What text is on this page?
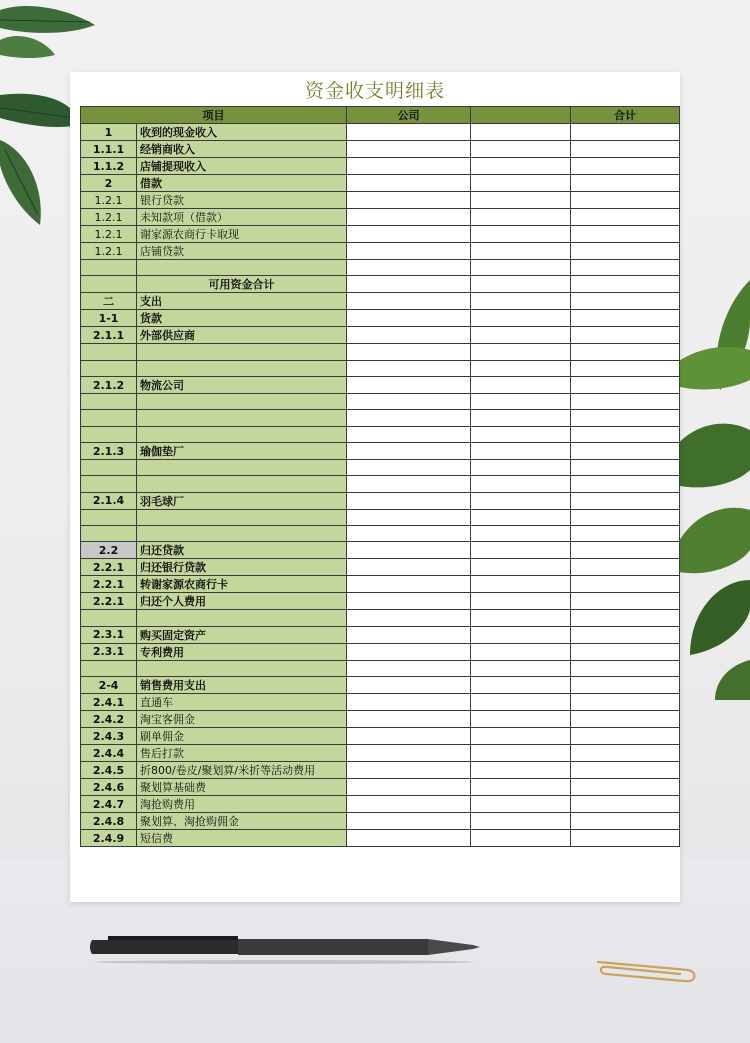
资金收支明细表
项目		公司		合计
1	收到的现金收入			
1.1.1	经销商收入			
1.1.2	店铺提现收入			
2	借款			
1.2.1	银行贷款			
1.2.1	未知款项（借款）			
1.2.1	谢家源农商行卡取现			
1.2.1	店铺贷款			

	可用资金合计			
二	支出			
1-1	货款			
2.1.1	外部供应商			

2.1.2	物流公司			

2.1.3	瑜伽垫厂			

2.1.4	羽毛球厂			

2.2	归还贷款			
2.2.1	归还银行贷款			
2.2.1	转谢家源农商行卡			
2.2.1	归还个人费用			

2.3.1	购买固定资产			
2.3.1	专利费用			

2-4	销售费用支出			
2.4.1	直通车			
2.4.2	淘宝客佣金			
2.4.3	刷单佣金			
2.4.4	售后打款			
2.4.5	折800/卷皮/聚划算/米折等活动费用			
2.4.6	聚划算基础费			
2.4.7	淘抢购费用			
2.4.8	聚划算、淘抢购佣金			
2.4.9	短信费			
